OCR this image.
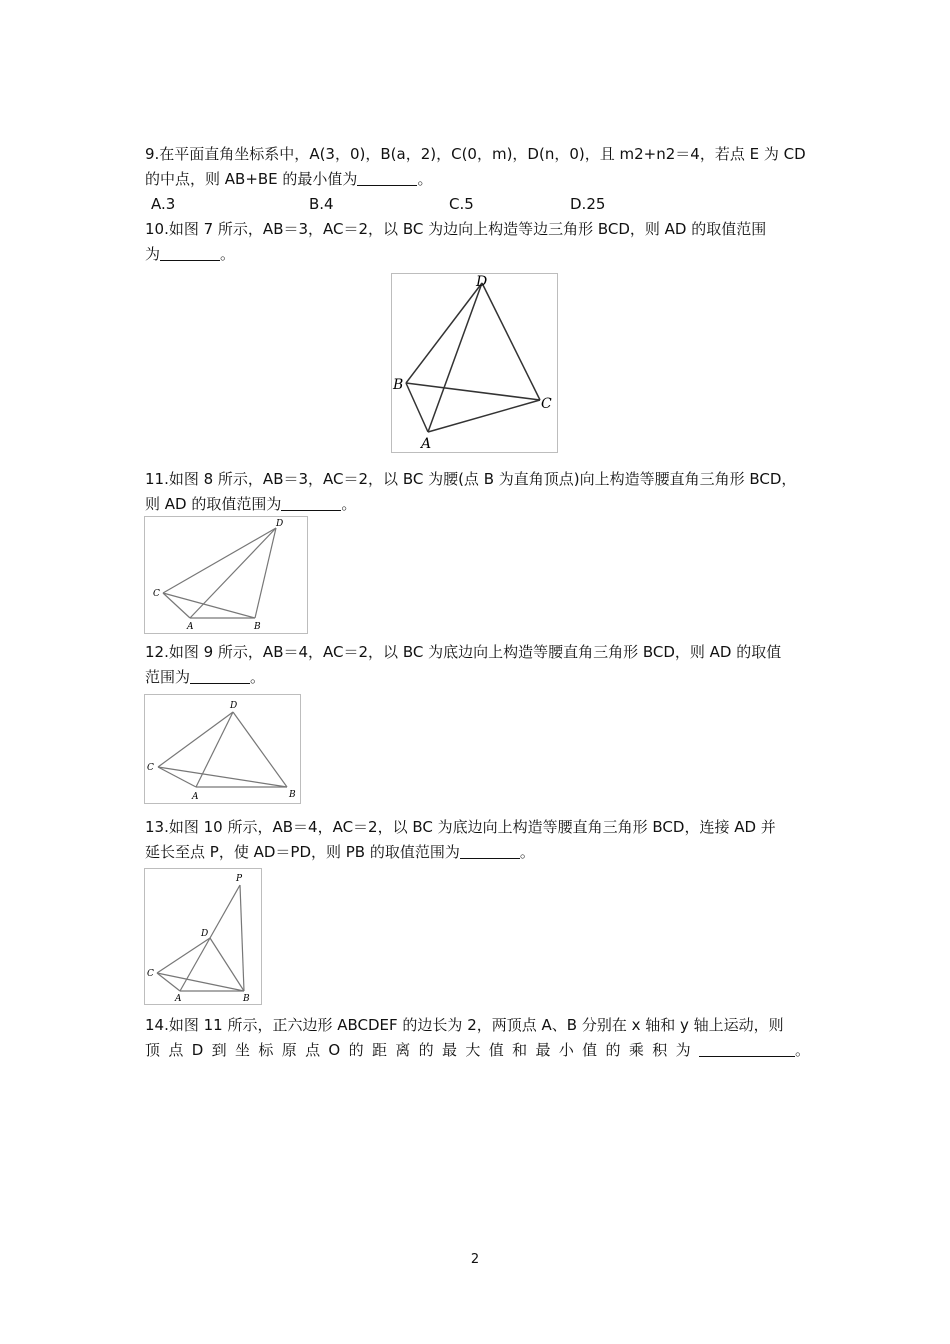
9.在平面直角坐标系中，A(3，0)，B(a，2)，C(0，m)，D(n，0)，且 m2+n2＝4，若点 E 为 CD
的中点，则 AB+BE 的最小值为	。
A.3	B.4	C.5	D.25
10.如图 7 所示，AB＝3，AC＝2，以 BC 为边向上构造等边三角形 BCD，则 AD 的取值范围
为	。
D
B
C
A
11.如图 8 所示，AB＝3，AC＝2，以 BC 为腰(点 B 为直角顶点)向上构造等腰直角三角形 BCD，
则 AD 的取值范围为	。
D
C
A	B
12.如图 9 所示，AB＝4，AC＝2，以 BC 为底边向上构造等腰直角三角形 BCD，则 AD 的取值
范围为	。
D
C
A	B
13.如图 10 所示，AB＝4，AC＝2，以 BC 为底边向上构造等腰直角三角形 BCD，连接 AD 并
延长至点 P，使 AD＝PD，则 PB 的取值范围为	。
P
D
C
A	B
14.如图 11 所示，正六边形 ABCDEF 的边长为 2，两顶点 A、B 分别在 x 轴和 y 轴上运动，则
顶 点 D 到 坐 标 原 点 O 的 距 离 的 最 大 值 和 最 小 值 的 乘 积 为	。
2
